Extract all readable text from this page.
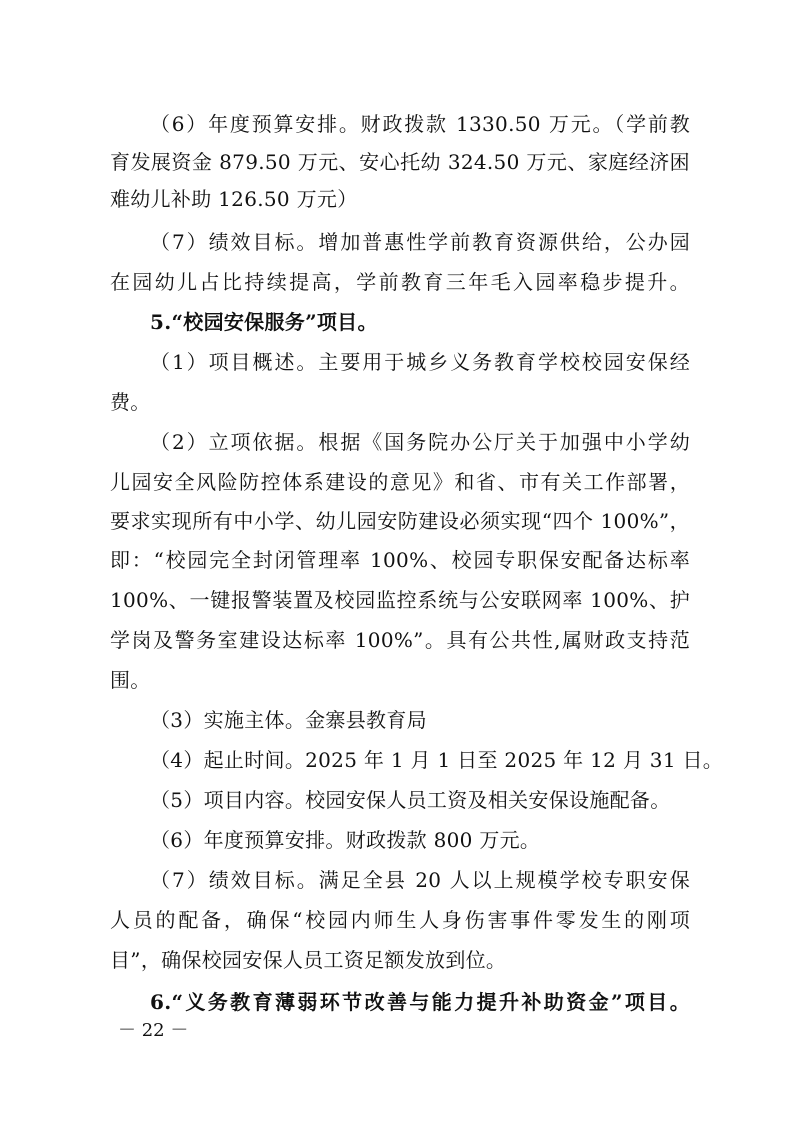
（6）年度预算安排。财政拨款 1330.50 万元。（学前教
育发展资金 879.50 万元、安心托幼 324.50 万元、家庭经济困
难幼儿补助 126.50 万元）
（7）绩效目标。增加普惠性学前教育资源供给，公办园
在园幼儿占比持续提高，学前教育三年毛入园率稳步提升。
5.“校园安保服务”项目。
（1）项目概述。主要用于城乡义务教育学校校园安保经
费。
（2）立项依据。根据《国务院办公厅关于加强中小学幼
儿园安全风险防控体系建设的意见》和省、市有关工作部署，
要求实现所有中小学、幼儿园安防建设必须实现“四个 100%”，
即：“校园完全封闭管理率 100%、校园专职保安配备达标率
100%、一键报警装置及校园监控系统与公安联网率 100%、护
学岗及警务室建设达标率 100%”。具有公共性,属财政支持范
围。
（3）实施主体。金寨县教育局
（4）起止时间。2025 年 1 月 1 日至 2025 年 12 月 31 日。
（5）项目内容。校园安保人员工资及相关安保设施配备。
（6）年度预算安排。财政拨款 800 万元。
（7）绩效目标。满足全县 20 人以上规模学校专职安保
人员的配备，确保“校园内师生人身伤害事件零发生的刚项
目”，确保校园安保人员工资足额发放到位。
6.“义务教育薄弱环节改善与能力提升补助资金”项目。
－ 22 －
